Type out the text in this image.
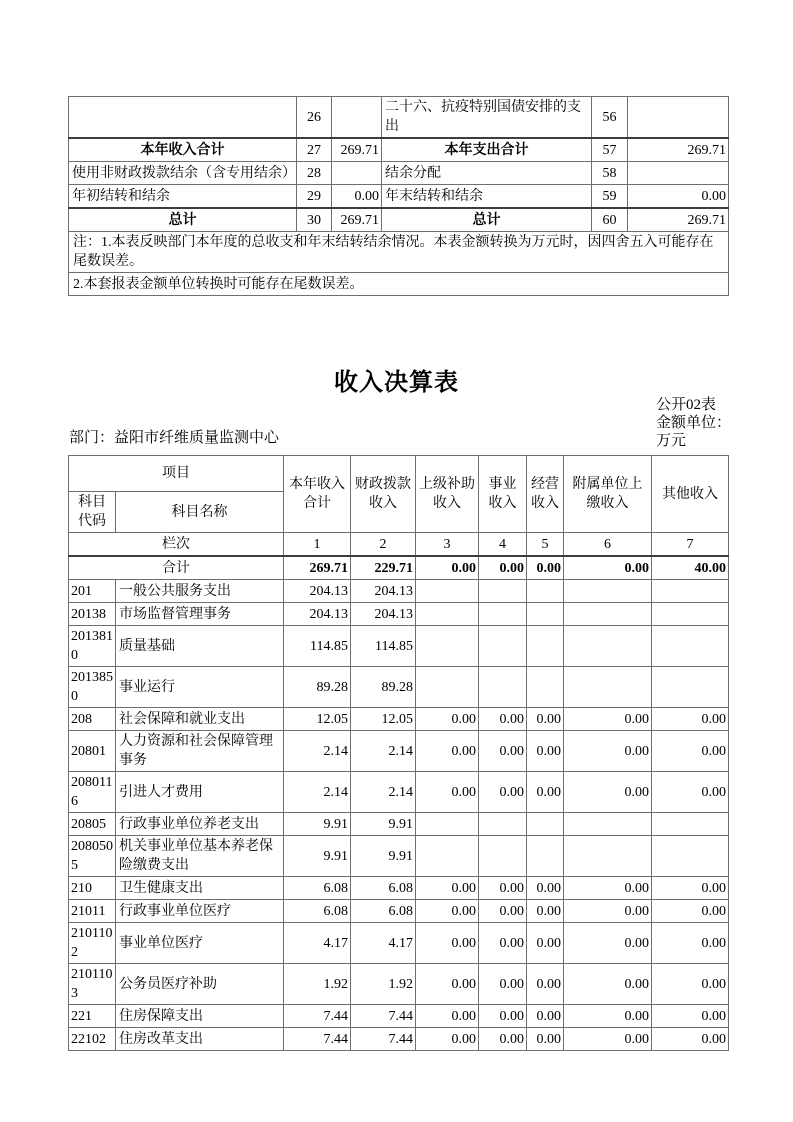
	26		二十六、抗疫特别国债安排的支出	56	
本年收入合计	27	269.71	本年支出合计	57	269.71
使用非财政拨款结余（含专用结余）	28		结余分配	58	
年初结转和结余	29	0.00	年末结转和结余	59	0.00
总计	30	269.71	总计	60	269.71
注：1.本表反映部门本年度的总收支和年末结转结余情况。本表金额转换为万元时，因四舍五入可能存在尾数误差。					
2.本套报表金额单位转换时可能存在尾数误差。					
收入决算表
公开02表
金额单位：
万元
部门：益阳市纤维质量监测中心
项目		本年收入合计	财政拨款收入	上级补助收入	事业收入	经营收入	附属单位上缴收入	其他收入
科目代码	科目名称							
栏次		1	2	3	4	5	6	7
合计		269.71	229.71	0.00	0.00	0.00	0.00	40.00
201	一般公共服务支出	204.13	204.13					
20138	市场监督管理事务	204.13	204.13					
2013810	质量基础	114.85	114.85					
2013850	事业运行	89.28	89.28					
208	社会保障和就业支出	12.05	12.05	0.00	0.00	0.00	0.00	0.00
20801	人力资源和社会保障管理事务	2.14	2.14	0.00	0.00	0.00	0.00	0.00
2080116	引进人才费用	2.14	2.14	0.00	0.00	0.00	0.00	0.00
20805	行政事业单位养老支出	9.91	9.91					
2080505	机关事业单位基本养老保险缴费支出	9.91	9.91					
210	卫生健康支出	6.08	6.08	0.00	0.00	0.00	0.00	0.00
21011	行政事业单位医疗	6.08	6.08	0.00	0.00	0.00	0.00	0.00
2101102	事业单位医疗	4.17	4.17	0.00	0.00	0.00	0.00	0.00
2101103	公务员医疗补助	1.92	1.92	0.00	0.00	0.00	0.00	0.00
221	住房保障支出	7.44	7.44	0.00	0.00	0.00	0.00	0.00
22102	住房改革支出	7.44	7.44	0.00	0.00	0.00	0.00	0.00
